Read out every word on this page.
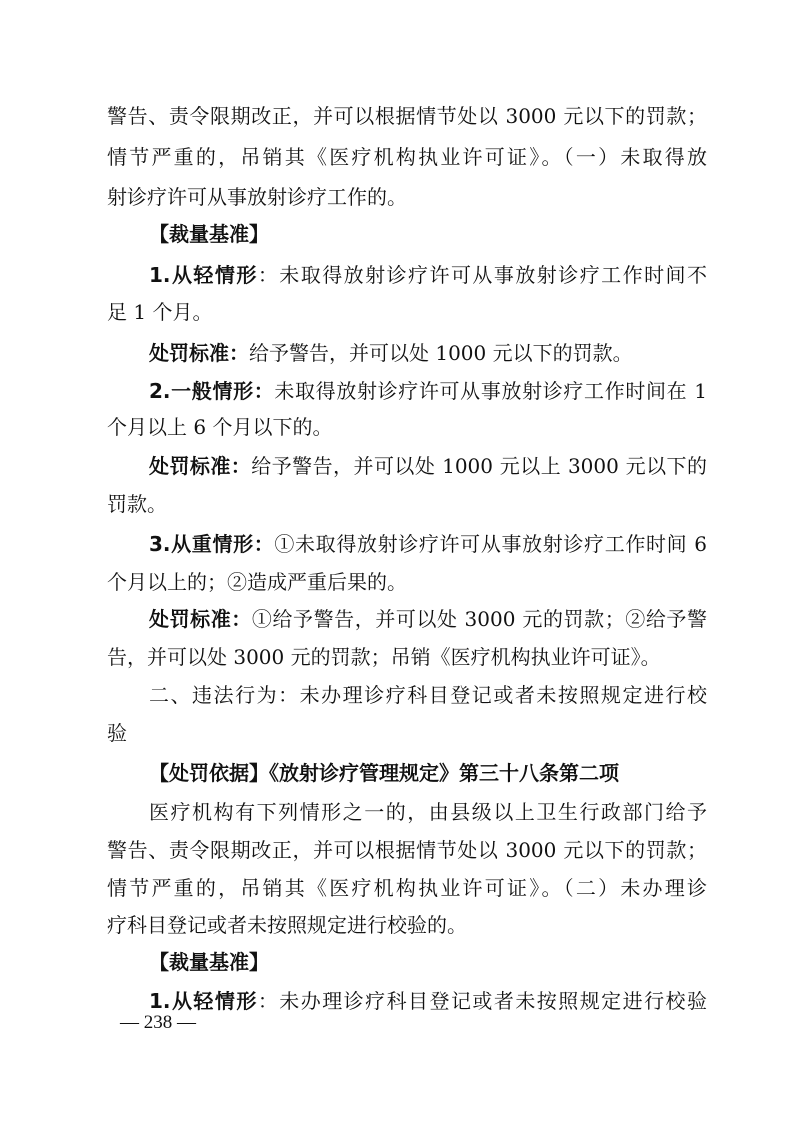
警告、责令限期改正，并可以根据情节处以 3000 元以下的罚款；
情节严重的，吊销其《医疗机构执业许可证》。（一）未取得放
射诊疗许可从事放射诊疗工作的。
【裁量基准】
1.从轻情形：未取得放射诊疗许可从事放射诊疗工作时间不
足 1 个月。
处罚标准：给予警告，并可以处 1000 元以下的罚款。
2.一般情形：未取得放射诊疗许可从事放射诊疗工作时间在 1
个月以上 6 个月以下的。
处罚标准：给予警告，并可以处 1000 元以上 3000 元以下的
罚款。
3.从重情形：①未取得放射诊疗许可从事放射诊疗工作时间 6
个月以上的；②造成严重后果的。
处罚标准：①给予警告，并可以处 3000 元的罚款；②给予警
告，并可以处 3000 元的罚款；吊销《医疗机构执业许可证》。
二、违法行为：未办理诊疗科目登记或者未按照规定进行校
验
【处罚依据】《放射诊疗管理规定》第三十八条第二项
医疗机构有下列情形之一的，由县级以上卫生行政部门给予
警告、责令限期改正，并可以根据情节处以 3000 元以下的罚款；
情节严重的，吊销其《医疗机构执业许可证》。（二）未办理诊
疗科目登记或者未按照规定进行校验的。
【裁量基准】
1.从轻情形：未办理诊疗科目登记或者未按照规定进行校验
— 238 —
